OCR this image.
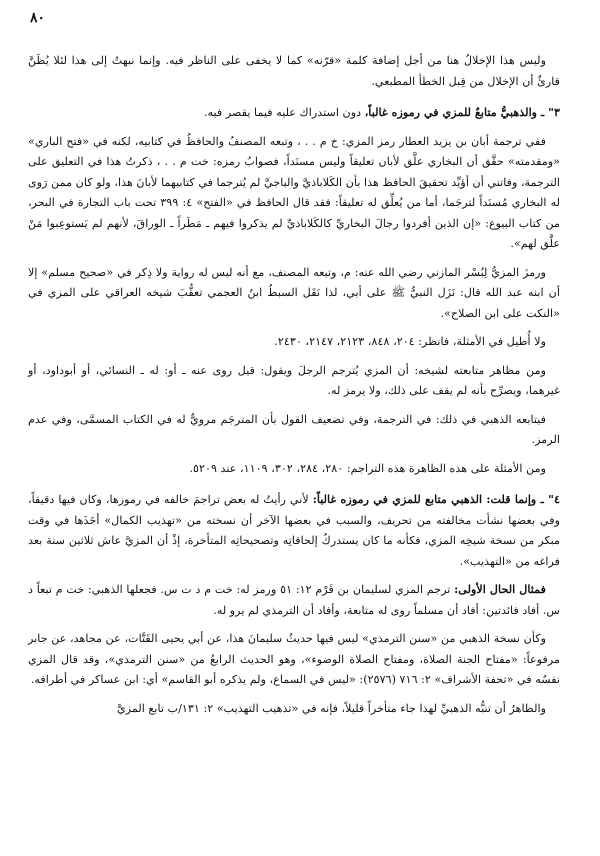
٨٠

وليس هذا الإخلالُ هنا من أجل إضافة كلمة «قرّنه» كما لا يخفى على الناظر فيه. وإنما نبهتُ إلى هذا لئلا يُظَنَّ قارئٌ أن الإخلال من قِبل الخطأ المطبعي.

٣" ـ والذهبيُّ متابعٌ للمزي في رموزه غالباً، دون استدراك عليه فيما يقصر فيه.

ففي ترجمة أبان بن يزيد العطار رمز المزي: خ م . . ، وتبعه المصنفُ والحافظُ في كتابيه، لكنه في «فتح الباري» «ومقدمته» حقَّق أن البخاري علَّق لأبان تعليقاً وليس مسنَداً، فصوابُ رمزه: خت م . . ، ذكرتُ هذا في التعليق على الترجمة، وفاتني أن أؤيِّد تحقيقَ الحافظ هذا بأن الكَلاباذيَّ والباجيَّ لم يُترجما في كتابيهما لأبانَ هذا، ولو كان ممن رَوى له البخاري مُسنَداً لترجَما، أما من يُعلِّق له تعليقاً: فقد قال الحافظ في «الفتح» ٤: ٣٩٩ تحت باب التجارة في البحر، من كتاب البيوع: «إن الذين أفردوا رجالَ البخاريِّ كالكَلاباذيِّ لم يذكروا فيهم ـ مَطَراً ـ الوراقَ، لأنهم لم يَستوعِبوا مَنْ علَّق لهم».

ورمزَ المزيُّ لِبُسْر المازني رضي الله عنه: م، وتبعه المصنف، مع أنه ليس له رواية ولا ذِكر في «صحيح مسلم» إلا أن ابنه عبد الله قال: نَزَل النبيُّ ﷺ على أبي، لذا نَقَل السبطُ ابنُ العجمي تعقُّبَ شيخه العراقي على المزي في «النكت على ابن الصلاح».

ولا أُطيل في الأمثلة، فانظر: ٢٠٤، ٨٤٨، ٢١٢٣، ٢١٤٧، ٢٤٣٠.

ومن مظاهر متابعته لشيخه: أن المزي يُترجم الرجلَ ويقول: قيل روى عنه ـ أو: له ـ النسائي، أو أبوداود، أو غيرهما، ويصرِّح بأنه لم يقف على ذلك، ولا يرمز له.

فيتابعه الذهبي في ذلك: في الترجمة، وفي تضعيف القول بأن المترجَم مرويٌّ له في الكتاب المسمَّى، وفي عدم الرمز.

ومن الأمثلة على هذه الظاهرة هذه التراجم: ٢٨٠، ٢٨٤، ٣٠٢، ١١٠٩، عند ٥٢٠٩.

٤" ـ وإنما قلت: الذهبي متابع للمزي في رموزه غالباً: لأني رأيتُ له بعض تراجمَ خالفه في رموزها، وكان فيها دقيقاً، وفي بعضها نشأت مخالفته من تحريف، والسبب في بعضها الآخر أن نسخته من «تهذيب الكمال» أخَذَها في وقت مبكر من نسخة شيخِه المزي، فكأنه ما كان يستدركُ إلحاقاتِه وتصحيحاتِه المتأخرة، إذْ أن المزيَّ عاش ثلاثين سنة بعد فراغه من «التهذيب».

فمثال الحال الأولى: ترجم المزي لسليمان بن قَرْم ١٢: ٥١ ورمز له: خت م د ت س. فجعلها الذهبي: خت م تبعاً د س. أفاد فائدتين: أفاد أن مسلماً روى له متابعة، وأفاد أن الترمذي لم يرو له.

وكأن نسخة الذهبي من «سنن الترمذي» ليس فيها حديثُ سليمانَ هذا، عن أبي يحيى القَتَّات، عن مجاهد، عن جابر مرفوعاً: «مفتاح الجنة الصلاة، ومفتاح الصلاة الوضوء»، وهو الحديث الرابعُ من «سنن الترمذي»، وقد قال المزي نفسُه في «تحفة الأشراف» ٢: ٧١٦ (٢٥٧٦): «ليس في السماع، ولم يذكره أبو القاسم» أي: ابن عساكر في أطرافه.

والظاهرُ أن تنبُّه الذهبيِّ لهذا جاء متأخراً قليلاً، فإنه في «تذهيب التهذيب» ٢: ١٣١/ب تابع المزيَّ
